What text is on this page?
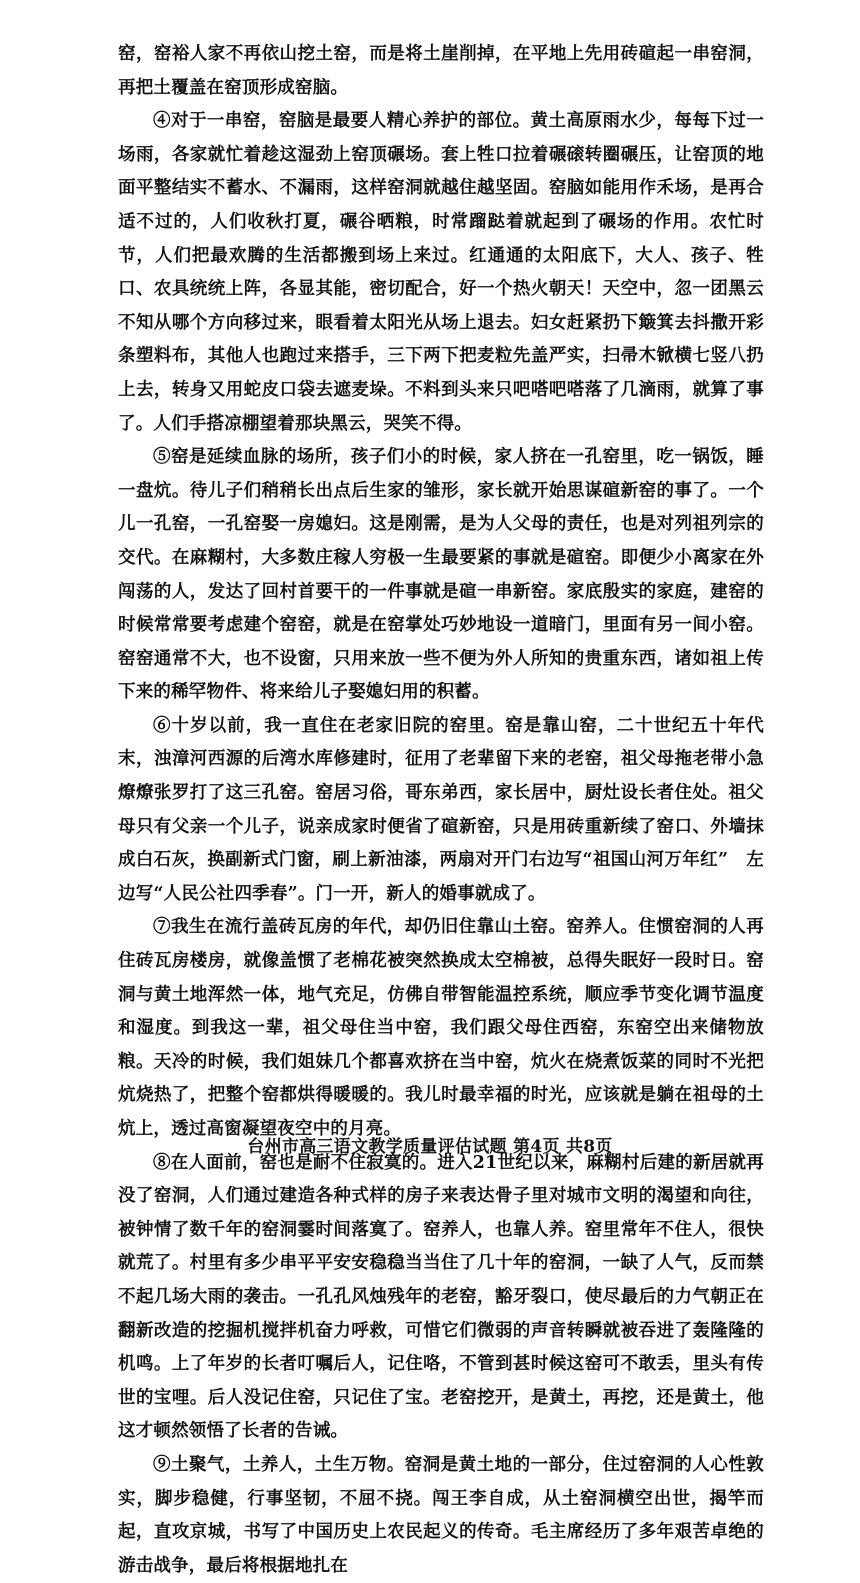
窑，窑裕人家不再依山挖土窑，而是将土崖削掉，在平地上先用砖碹起一串窑洞，再把土覆盖在窑顶形成窑脑。

④对于一串窑，窑脑是最要人精心养护的部位。黄土高原雨水少，每每下过一场雨，各家就忙着趁这湿劲上窑顶碾场。套上牲口拉着碾磙转圈碾压，让窑顶的地面平整结实不蓄水、不漏雨，这样窑洞就越住越坚固。窑脑如能用作禾场，是再合适不过的，人们收秋打夏，碾谷晒粮，时常蹓跶着就起到了碾场的作用。农忙时节，人们把最欢腾的生活都搬到场上来过。红通通的太阳底下，大人、孩子、牲口、农具统统上阵，各显其能，密切配合，好一个热火朝天！天空中，忽一团黑云不知从哪个方向移过来，眼看着太阳光从场上退去。妇女赶紧扔下簸箕去抖撒开彩条塑料布，其他人也跑过来搭手，三下两下把麦粒先盖严实，扫帚木锨横七竖八扔上去，转身又用蛇皮口袋去遮麦垛。不料到头来只吧嗒吧嗒落了几滴雨，就算了事了。人们手搭凉棚望着那块黑云，哭笑不得。

⑤窑是延续血脉的场所，孩子们小的时候，家人挤在一孔窑里，吃一锅饭，睡一盘炕。待儿子们稍稍长出点后生家的雏形，家长就开始思谋碹新窑的事了。一个儿一孔窑，一孔窑娶一房媳妇。这是刚需，是为人父母的责任，也是对列祖列宗的交代。在麻糊村，大多数庄稼人穷极一生最要紧的事就是碹窑。即便少小离家在外闯荡的人，发达了回村首要干的一件事就是碹一串新窑。家底殷实的家庭，建窑的时候常常要考虑建个窑窑，就是在窑掌处巧妙地设一道暗门，里面有另一间小窑。窑窑通常不大，也不设窗，只用来放一些不便为外人所知的贵重东西，诸如祖上传下来的稀罕物件、将来给儿子娶媳妇用的积蓄。

⑥十岁以前，我一直住在老家旧院的窑里。窑是靠山窑，二十世纪五十年代末，浊漳河西源的后湾水库修建时，征用了老辈留下来的老窑，祖父母拖老带小急燎燎张罗打了这三孔窑。窑居习俗，哥东弟西，家长居中，厨灶设长者住处。祖父母只有父亲一个儿子，说亲成家时便省了碹新窑，只是用砖重新续了窑口、外墙抹成白石灰，换副新式门窗，刷上新油漆，两扇对开门右边写“祖国山河万年红”　左边写“人民公社四季春”。门一开，新人的婚事就成了。

⑦我生在流行盖砖瓦房的年代，却仍旧住靠山土窑。窑养人。住惯窑洞的人再住砖瓦房楼房，就像盖惯了老棉花被突然换成太空棉被，总得失眠好一段时日。窑洞与黄土地浑然一体，地气充足，仿佛自带智能温控系统，顺应季节变化调节温度和湿度。到我这一辈，祖父母住当中窑，我们跟父母住西窑，东窑空出来储物放粮。天冷的时候，我们姐妹几个都喜欢挤在当中窑，炕火在烧煮饭菜的同时不光把炕烧热了，把整个窑都烘得暖暖的。我儿时最幸福的时光，应该就是躺在祖母的土炕上，透过高窗凝望夜空中的月亮。

⑧在人面前，窑也是耐不住寂寞的。进入21世纪以来，麻糊村后建的新居就再没了窑洞，人们通过建造各种式样的房子来表达骨子里对城市文明的渴望和向往，被钟情了数千年的窑洞霎时间落寞了。窑养人，也靠人养。窑里常年不住人，很快就荒了。村里有多少串平平安安稳稳当当住了几十年的窑洞，一缺了人气，反而禁不起几场大雨的袭击。一孔孔风烛残年的老窑，豁牙裂口，使尽最后的力气朝正在翻新改造的挖掘机搅拌机奋力呼救，可惜它们微弱的声音转瞬就被吞进了轰隆隆的机鸣。上了年岁的长者叮嘱后人，记住咯，不管到甚时候这窑可不敢丢，里头有传世的宝哩。后人没记住窑，只记住了宝。老窑挖开，是黄土，再挖，还是黄土，他这才顿然领悟了长者的告诫。

⑨土聚气，土养人，土生万物。窑洞是黄土地的一部分，住过窑洞的人心性敦实，脚步稳健，行事坚韧，不屈不挠。闯王李自成，从土窑洞横空出世，揭竿而起，直攻京城，书写了中国历史上农民起义的传奇。毛主席经历了多年艰苦卓绝的游击战争，最后将根据地扎在

台州市高三语文教学质量评估试题 第4页 共8页
